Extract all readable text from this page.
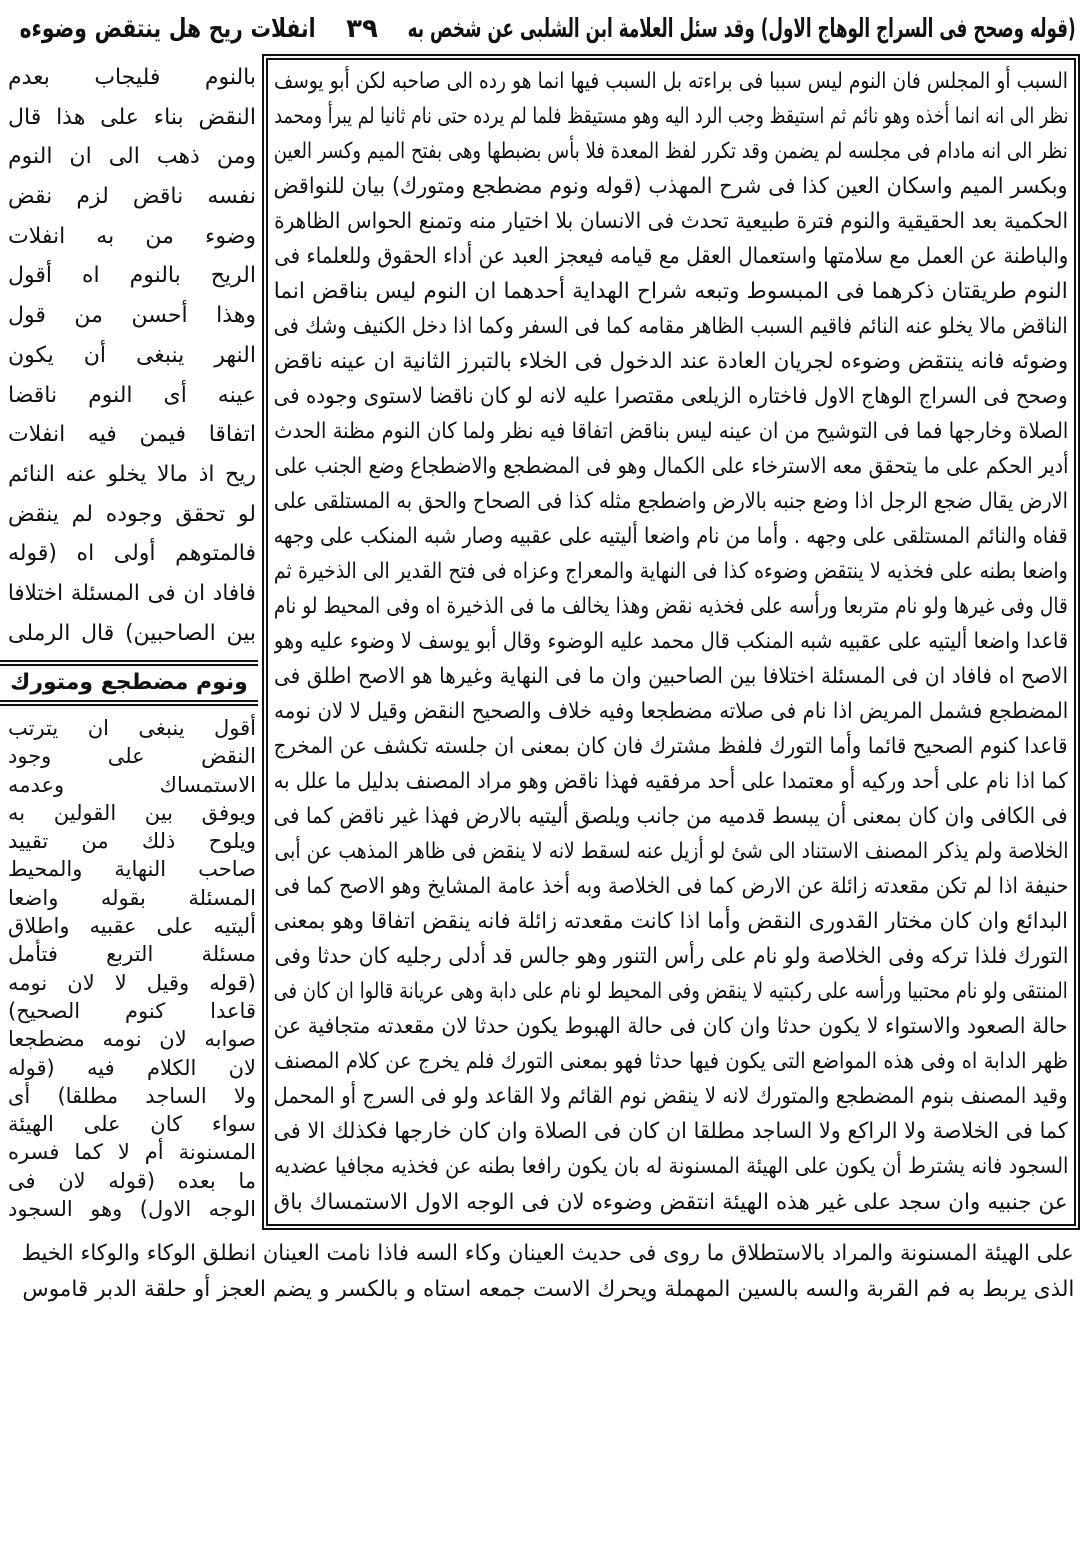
(قوله وصحح فى السراج الوهاج الاول) وقد سئل العلامة ابن الشلبى عن شخص به
٣٩
انفلات ريح هل ينتقض وضوءه
السبب أو المجلس فان النوم ليس سببا فى براءته بل السبب فيها انما هو رده الى صاحبه لكن أبو يوسف
نظر الى انه انما أخذه وهو نائم ثم استيقظ وجب الرد اليه وهو مستيقظ فلما لم يرده حتى نام ثانيا لم يبرأ ومحمد
نظر الى انه مادام فى مجلسه لم يضمن وقد تكرر لفظ المعدة فلا بأس بضبطها وهى بفتح الميم وكسر العين
وبكسر الميم واسكان العين كذا فى شرح المهذب (قوله ونوم مضطجع ومتورك) بيان للنواقض
الحكمية بعد الحقيقية والنوم فترة طبيعية تحدث فى الانسان بلا اختيار منه وتمنع الحواس الظاهرة
والباطنة عن العمل مع سلامتها واستعمال العقل مع قيامه فيعجز العبد عن أداء الحقوق وللعلماء فى
النوم طريقتان ذكرهما فى المبسوط وتبعه شراح الهداية أحدهما ان النوم ليس بناقض انما
الناقض مالا يخلو عنه النائم فاقيم السبب الظاهر مقامه كما فى السفر وكما اذا دخل الكنيف وشك فى
وضوئه فانه ينتقض وضوءه لجريان العادة عند الدخول فى الخلاء بالتبرز الثانية ان عينه ناقض
وصحح فى السراج الوهاج الاول فاختاره الزيلعى مقتصرا عليه لانه لو كان ناقضا لاستوى وجوده فى
الصلاة وخارجها فما فى التوشيح من ان عينه ليس بناقض اتفاقا فيه نظر ولما كان النوم مظنة الحدث
أدير الحكم على ما يتحقق معه الاسترخاء على الكمال وهو فى المضطجع والاضطجاع وضع الجنب على
الارض يقال ضجع الرجل اذا وضع جنبه بالارض واضطجع مثله كذا فى الصحاح والحق به المستلقى على
قفاه والنائم المستلقى على وجهه . وأما من نام واضعا أليتيه على عقبيه وصار شبه المنكب على وجهه
واضعا بطنه على فخذيه لا ينتقض وضوءه كذا فى النهاية والمعراج وعزاه فى فتح القدير الى الذخيرة ثم
قال وفى غيرها ولو نام متربعا ورأسه على فخذيه نقض وهذا يخالف ما فى الذخيرة اه وفى المحيط لو نام
قاعدا واضعا أليتيه على عقبيه شبه المنكب قال محمد عليه الوضوء وقال أبو يوسف لا وضوء عليه وهو
الاصح اه فافاد ان فى المسئلة اختلافا بين الصاحبين وان ما فى النهاية وغيرها هو الاصح اطلق فى
المضطجع فشمل المريض اذا نام فى صلاته مضطجعا وفيه خلاف والصحيح النقض وقيل لا لان نومه
قاعدا كنوم الصحيح قائما وأما التورك فلفظ مشترك فان كان بمعنى ان جلسته تكشف عن المخرج
كما اذا نام على أحد وركيه أو معتمدا على أحد مرفقيه فهذا ناقض وهو مراد المصنف بدليل ما علل به
فى الكافى وان كان بمعنى أن يبسط قدميه من جانب ويلصق أليتيه بالارض فهذا غير ناقض كما فى
الخلاصة ولم يذكر المصنف الاستناد الى شئ لو أزيل عنه لسقط لانه لا ينقض فى ظاهر المذهب عن أبى
حنيفة اذا لم تكن مقعدته زائلة عن الارض كما فى الخلاصة وبه أخذ عامة المشايخ وهو الاصح كما فى
البدائع وان كان مختار القدورى النقض وأما اذا كانت مقعدته زائلة فانه ينقض اتفاقا وهو بمعنى
التورك فلذا تركه وفى الخلاصة ولو نام على رأس التنور وهو جالس قد أدلى رجليه كان حدثا وفى
المنتقى ولو نام محتبيا ورأسه على ركبتيه لا ينقض وفى المحيط لو نام على دابة وهى عريانة قالوا ان كان فى
حالة الصعود والاستواء لا يكون حدثا وان كان فى حالة الهبوط يكون حدثا لان مقعدته متجافية عن
ظهر الدابة اه وفى هذه المواضع التى يكون فيها حدثا فهو بمعنى التورك فلم يخرج عن كلام المصنف
وقيد المصنف بنوم المضطجع والمتورك لانه لا ينقض نوم القائم ولا القاعد ولو فى السرج أو المحمل
كما فى الخلاصة ولا الراكع ولا الساجد مطلقا ان كان فى الصلاة وان كان خارجها فكذلك الا فى
السجود فانه يشترط أن يكون على الهيئة المسنونة له بان يكون رافعا بطنه عن فخذيه مجافيا عضديه
عن جنبيه وان سجد على غير هذه الهيئة انتقض وضوءه لان فى الوجه الاول الاستمساك باق
بالنوم فليجاب بعدم
النقض بناء على هذا قال
ومن ذهب الى ان النوم
نفسه ناقض لزم نقض
وضوء من به انفلات
الريح بالنوم اه أقول
وهذا أحسن من قول
النهر ينبغى أن يكون
عينه أى النوم ناقضا
اتفاقا فيمن فيه انفلات
ريح اذ مالا يخلو عنه النائم
لو تحقق وجوده لم ينقض
فالمتوهم أولى اه (قوله
فافاد ان فى المسئلة اختلافا
بين الصاحبين) قال الرملى
ونوم مضطجع ومتورك
أقول ينبغى ان يترتب
النقض على وجود
الاستمساك وعدمه
ويوفق بين القولين به
ويلوح ذلك من تقييد
صاحب النهاية والمحيط
المسئلة بقوله واضعا
أليتيه على عقبيه واطلاق
مسئلة التربع فتأمل
(قوله وقيل لا لان نومه
قاعدا كنوم الصحيح)
صوابه لان نومه مضطجعا
لان الكلام فيه (قوله
ولا الساجد مطلقا) أى
سواء كان على الهيئة
المسنونة أم لا كما فسره
ما بعده (قوله لان فى
الوجه الاول) وهو السجود
على الهيئة المسنونة والمراد بالاستطلاق ما روى فى حديث العينان وكاء السه فاذا نامت العينان انطلق الوكاء والوكاء الخيط
الذى يربط به فم القربة والسه بالسين المهملة ويحرك الاست جمعه استاه و بالكسر و يضم العجز أو حلقة الدبر قاموس
